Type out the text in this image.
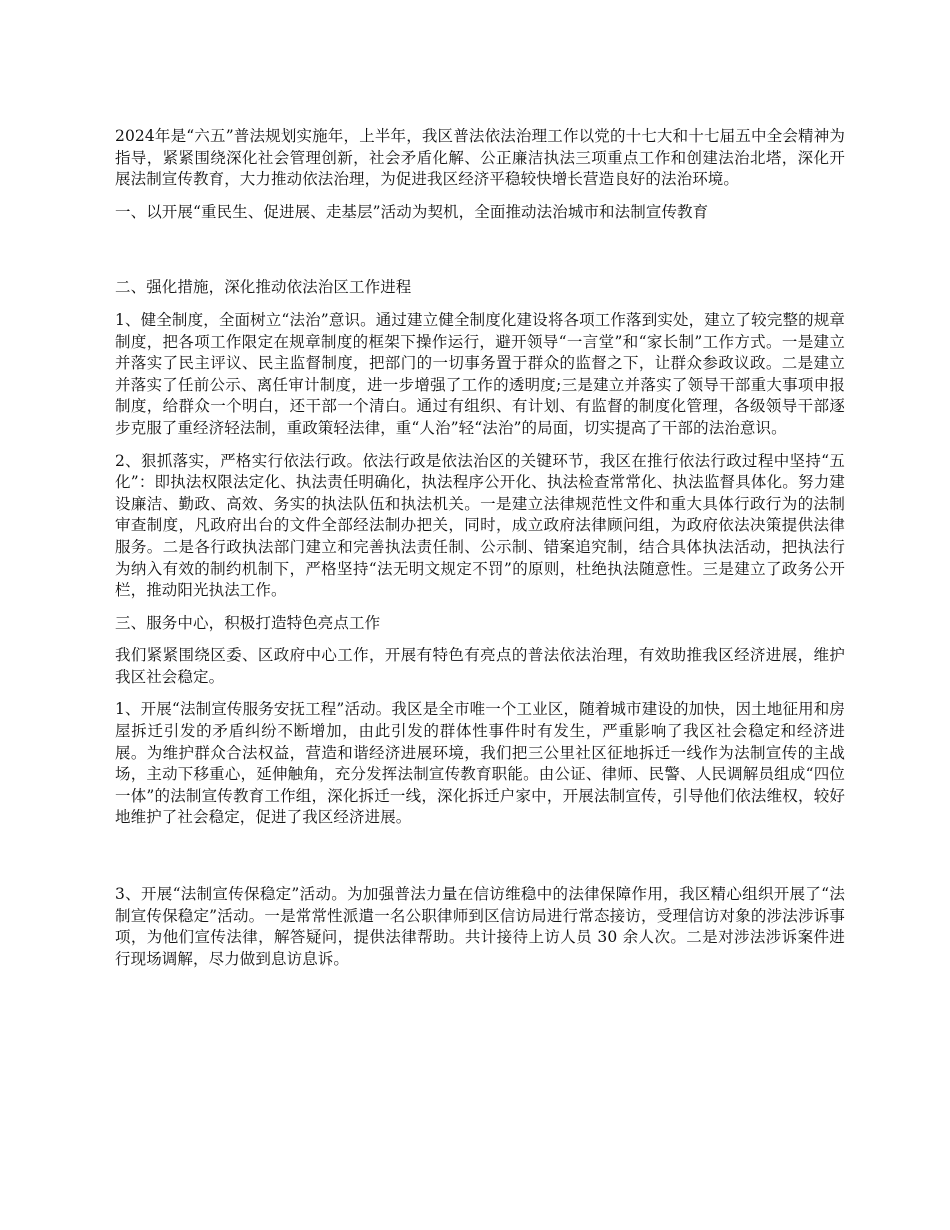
2024年是“六五”普法规划实施年，上半年，我区普法依法治理工作以党的十七大和十七届五中全会精神为指导，紧紧围绕深化社会管理创新，社会矛盾化解、公正廉洁执法三项重点工作和创建法治北塔，深化开展法制宣传教育，大力推动依法治理，为促进我区经济平稳较快增长营造良好的法治环境。

一、以开展“重民生、促进展、走基层”活动为契机，全面推动法治城市和法制宣传教育

二、强化措施，深化推动依法治区工作进程

1、健全制度，全面树立“法治”意识。通过建立健全制度化建设将各项工作落到实处，建立了较完整的规章制度，把各项工作限定在规章制度的框架下操作运行，避开领导“一言堂”和“家长制”工作方式。一是建立并落实了民主评议、民主监督制度，把部门的一切事务置于群众的监督之下，让群众参政议政。二是建立并落实了任前公示、离任审计制度，进一步增强了工作的透明度;三是建立并落实了领导干部重大事项申报制度，给群众一个明白，还干部一个清白。通过有组织、有计划、有监督的制度化管理，各级领导干部逐步克服了重经济轻法制，重政策轻法律，重“人治”轻“法治”的局面，切实提高了干部的法治意识。

2、狠抓落实，严格实行依法行政。依法行政是依法治区的关键环节，我区在推行依法行政过程中坚持“五化”：即执法权限法定化、执法责任明确化，执法程序公开化、执法检查常常化、执法监督具体化。努力建设廉洁、勤政、高效、务实的执法队伍和执法机关。一是建立法律规范性文件和重大具体行政行为的法制审查制度，凡政府出台的文件全部经法制办把关，同时，成立政府法律顾问组，为政府依法决策提供法律服务。二是各行政执法部门建立和完善执法责任制、公示制、错案追究制，结合具体执法活动，把执法行为纳入有效的制约机制下，严格坚持“法无明文规定不罚”的原则，杜绝执法随意性。三是建立了政务公开栏，推动阳光执法工作。

三、服务中心，积极打造特色亮点工作

我们紧紧围绕区委、区政府中心工作，开展有特色有亮点的普法依法治理，有效助推我区经济进展，维护我区社会稳定。

1、开展“法制宣传服务安抚工程”活动。我区是全市唯一个工业区，随着城市建设的加快，因土地征用和房屋拆迁引发的矛盾纠纷不断增加，由此引发的群体性事件时有发生，严重影响了我区社会稳定和经济进展。为维护群众合法权益，营造和谐经济进展环境，我们把三公里社区征地拆迁一线作为法制宣传的主战场，主动下移重心，延伸触角，充分发挥法制宣传教育职能。由公证、律师、民警、人民调解员组成“四位一体”的法制宣传教育工作组，深化拆迁一线，深化拆迁户家中，开展法制宣传，引导他们依法维权，较好地维护了社会稳定，促进了我区经济进展。

3、开展“法制宣传保稳定”活动。为加强普法力量在信访维稳中的法律保障作用，我区精心组织开展了“法制宣传保稳定”活动。一是常常性派遣一名公职律师到区信访局进行常态接访，受理信访对象的涉法涉诉事项，为他们宣传法律，解答疑问，提供法律帮助。共计接待上访人员 30 余人次。二是对涉法涉诉案件进行现场调解，尽力做到息访息诉。
